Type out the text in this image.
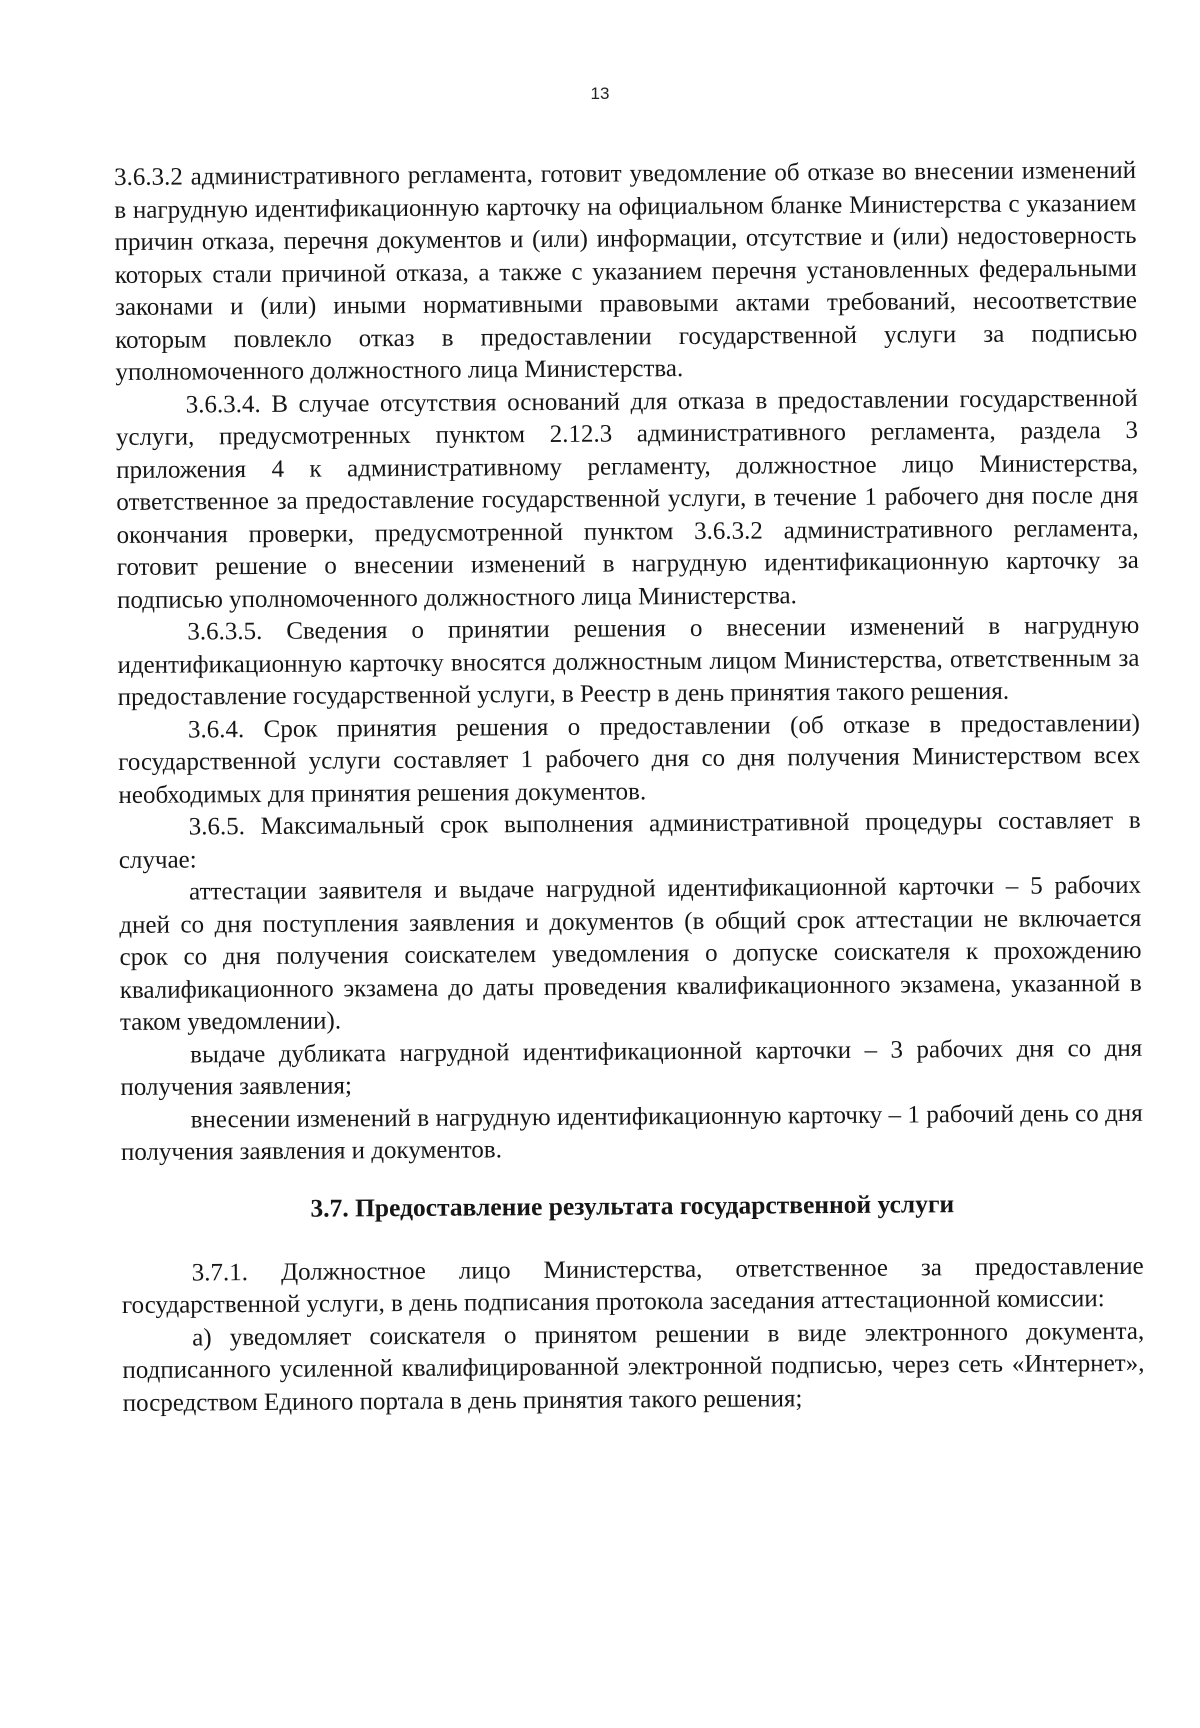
13

3.6.3.2 административного регламента, готовит уведомление об отказе во внесении изменений в нагрудную идентификационную карточку на официальном бланке Министерства с указанием причин отказа, перечня документов и (или) информации, отсутствие и (или) недостоверность которых стали причиной отказа, а также с указанием перечня установленных федеральными законами и (или) иными нормативными правовыми актами требований, несоответствие которым повлекло отказ в предоставлении государственной услуги за подписью уполномоченного должностного лица Министерства.

3.6.3.4. В случае отсутствия оснований для отказа в предоставлении государственной услуги, предусмотренных пунктом 2.12.3 административного регламента, раздела 3 приложения 4 к административному регламенту, должностное лицо Министерства, ответственное за предоставление государственной услуги, в течение 1 рабочего дня после дня окончания проверки, предусмотренной пунктом 3.6.3.2 административного регламента, готовит решение о внесении изменений в нагрудную идентификационную карточку за подписью уполномоченного должностного лица Министерства.

3.6.3.5. Сведения о принятии решения о внесении изменений в нагрудную идентификационную карточку вносятся должностным лицом Министерства, ответственным за предоставление государственной услуги, в Реестр в день принятия такого решения.

3.6.4. Срок принятия решения о предоставлении (об отказе в предоставлении) государственной услуги составляет 1 рабочего дня со дня получения Министерством всех необходимых для принятия решения документов.

3.6.5. Максимальный срок выполнения административной процедуры составляет в случае:

аттестации заявителя и выдаче нагрудной идентификационной карточки – 5 рабочих дней со дня поступления заявления и документов (в общий срок аттестации не включается срок со дня получения соискателем уведомления о допуске соискателя к прохождению квалификационного экзамена до даты проведения квалификационного экзамена, указанной в таком уведомлении).

выдаче дубликата нагрудной идентификационной карточки – 3 рабочих дня со дня получения заявления;

внесении изменений в нагрудную идентификационную карточку – 1 рабочий день со дня получения заявления и документов.

3.7. Предоставление результата государственной услуги

3.7.1. Должностное лицо Министерства, ответственное за предоставление государственной услуги, в день подписания протокола заседания аттестационной комиссии:

а) уведомляет соискателя о принятом решении в виде электронного документа, подписанного усиленной квалифицированной электронной подписью, через сеть «Интернет», посредством Единого портала в день принятия такого решения;
